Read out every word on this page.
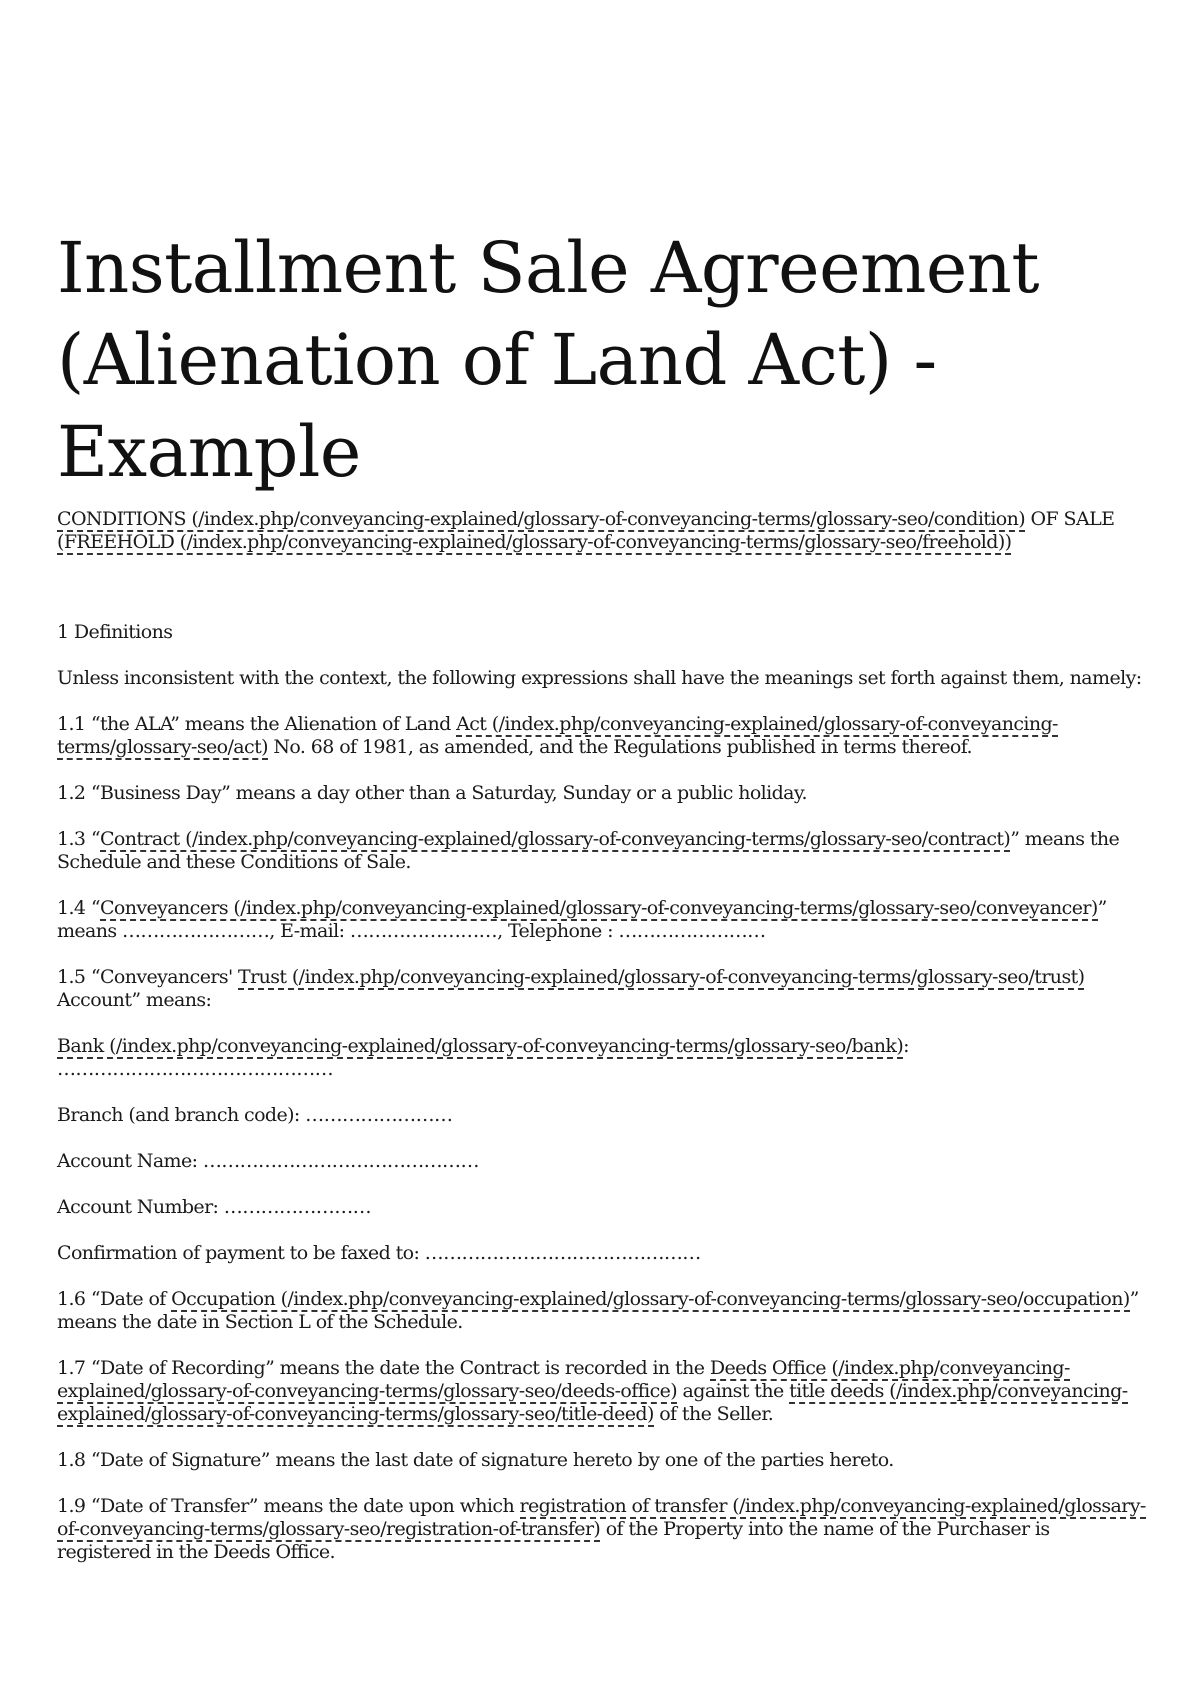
Installment Sale Agreement
(Alienation of Land Act) -
Example

CONDITIONS (/index.php/conveyancing-explained/glossary-of-conveyancing-terms/glossary-seo/condition) OF SALE (FREEHOLD (/index.php/conveyancing-explained/glossary-of-conveyancing-terms/glossary-seo/freehold))

1 Definitions

Unless inconsistent with the context, the following expressions shall have the meanings set forth against them, namely:

1.1 “the ALA” means the Alienation of Land Act (/index.php/conveyancing-explained/glossary-of-conveyancing-terms/glossary-seo/act) No. 68 of 1981, as amended, and the Regulations published in terms thereof.

1.2 “Business Day” means a day other than a Saturday, Sunday or a public holiday.

1.3 “Contract (/index.php/conveyancing-explained/glossary-of-conveyancing-terms/glossary-seo/contract)” means the Schedule and these Conditions of Sale.

1.4 “Conveyancers (/index.php/conveyancing-explained/glossary-of-conveyancing-terms/glossary-seo/conveyancer)” means ……………………, E-mail: ……………………, Telephone : ……………………

1.5 “Conveyancers' Trust (/index.php/conveyancing-explained/glossary-of-conveyancing-terms/glossary-seo/trust) Account” means:

Bank (/index.php/conveyancing-explained/glossary-of-conveyancing-terms/glossary-seo/bank): ………………………………………

Branch (and branch code): ……………………

Account Name: ………………………………………

Account Number: ……………………

Confirmation of payment to be faxed to: ………………………………………

1.6 “Date of Occupation (/index.php/conveyancing-explained/glossary-of-conveyancing-terms/glossary-seo/occupation)” means the date in Section L of the Schedule.

1.7 “Date of Recording” means the date the Contract is recorded in the Deeds Office (/index.php/conveyancing-explained/glossary-of-conveyancing-terms/glossary-seo/deeds-office) against the title deeds (/index.php/conveyancing-explained/glossary-of-conveyancing-terms/glossary-seo/title-deed) of the Seller.

1.8 “Date of Signature” means the last date of signature hereto by one of the parties hereto.

1.9 “Date of Transfer” means the date upon which registration of transfer (/index.php/conveyancing-explained/glossary-of-conveyancing-terms/glossary-seo/registration-of-transfer) of the Property into the name of the Purchaser is registered in the Deeds Office.
